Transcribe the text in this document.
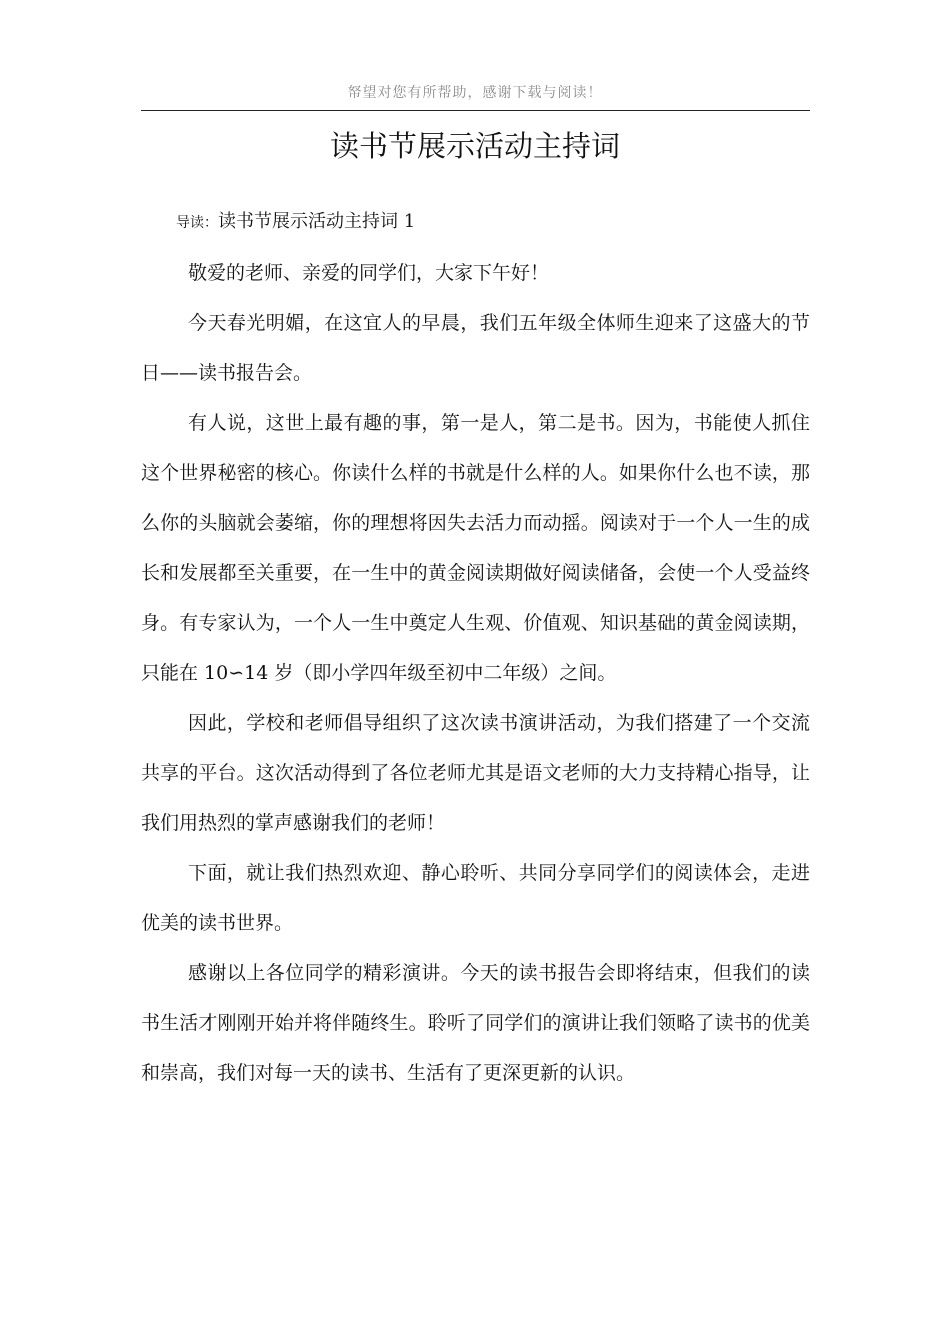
帑望对您有所帮助，感谢下载与阅读！
读书节展示活动主持词
导读：读书节展示活动主持词 1

敬爱的老师、亲爱的同学们，大家下午好！

今天春光明媚，在这宜人的早晨，我们五年级全体师生迎来了这盛大的节日——读书报告会。

有人说，这世上最有趣的事，第一是人，第二是书。因为，书能使人抓住这个世界秘密的核心。你读什么样的书就是什么样的人。如果你什么也不读，那么你的头脑就会萎缩，你的理想将因失去活力而动摇。阅读对于一个人一生的成长和发展都至关重要，在一生中的黄金阅读期做好阅读储备，会使一个人受益终身。有专家认为，一个人一生中奠定人生观、价值观、知识基础的黄金阅读期，只能在 10∽14 岁（即小学四年级至初中二年级）之间。

因此，学校和老师倡导组织了这次读书演讲活动，为我们搭建了一个交流共享的平台。这次活动得到了各位老师尤其是语文老师的大力支持精心指导，让我们用热烈的掌声感谢我们的老师！

下面，就让我们热烈欢迎、静心聆听、共同分享同学们的阅读体会，走进优美的读书世界。

感谢以上各位同学的精彩演讲。今天的读书报告会即将结束，但我们的读书生活才刚刚开始并将伴随终生。聆听了同学们的演讲让我们领略了读书的优美和崇高，我们对每一天的读书、生活有了更深更新的认识。
